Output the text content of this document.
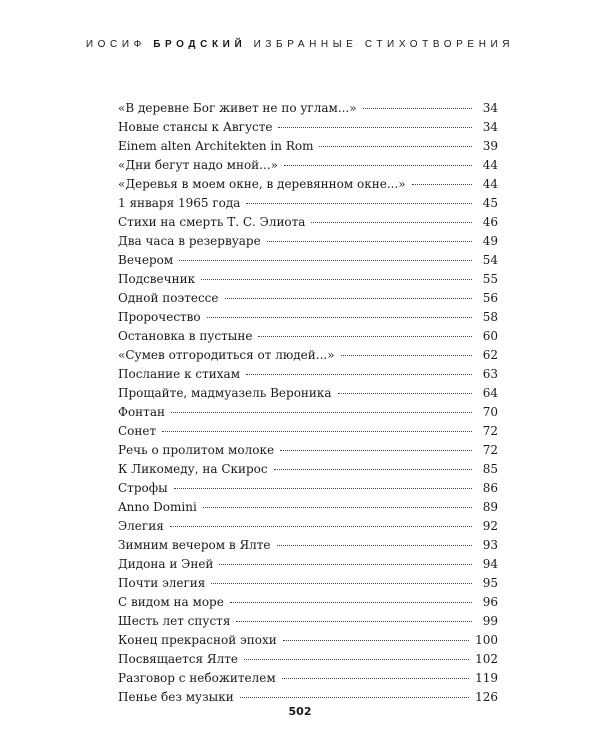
ИОСИФ БРОДСКИЙ ИЗБРАННЫЕ СТИХОТВОРЕНИЯ
«В деревне Бог живет не по углам...»	34
Новые стансы к Августе	34
Einem alten Architekten in Rom	39
«Дни бегут надо мной...»	44
«Деревья в моем окне, в деревянном окне...»	44
1 января 1965 года	45
Стихи на смерть Т. С. Элиота	46
Два часа в резервуаре	49
Вечером	54
Подсвечник	55
Одной поэтессе	56
Пророчество	58
Остановка в пустыне	60
«Сумев отгородиться от людей...»	62
Послание к стихам	63
Прощайте, мадмуазель Вероника	64
Фонтан	70
Сонет	72
Речь о пролитом молоке	72
К Ликомеду, на Скирос	85
Строфы	86
Anno Domini	89
Элегия	92
Зимним вечером в Ялте	93
Дидона и Эней	94
Почти элегия	95
С видом на море	96
Шесть лет спустя	99
Конец прекрасной эпохи	100
Посвящается Ялте	102
Разговор с небожителем	119
Пенье без музыки	126
502
